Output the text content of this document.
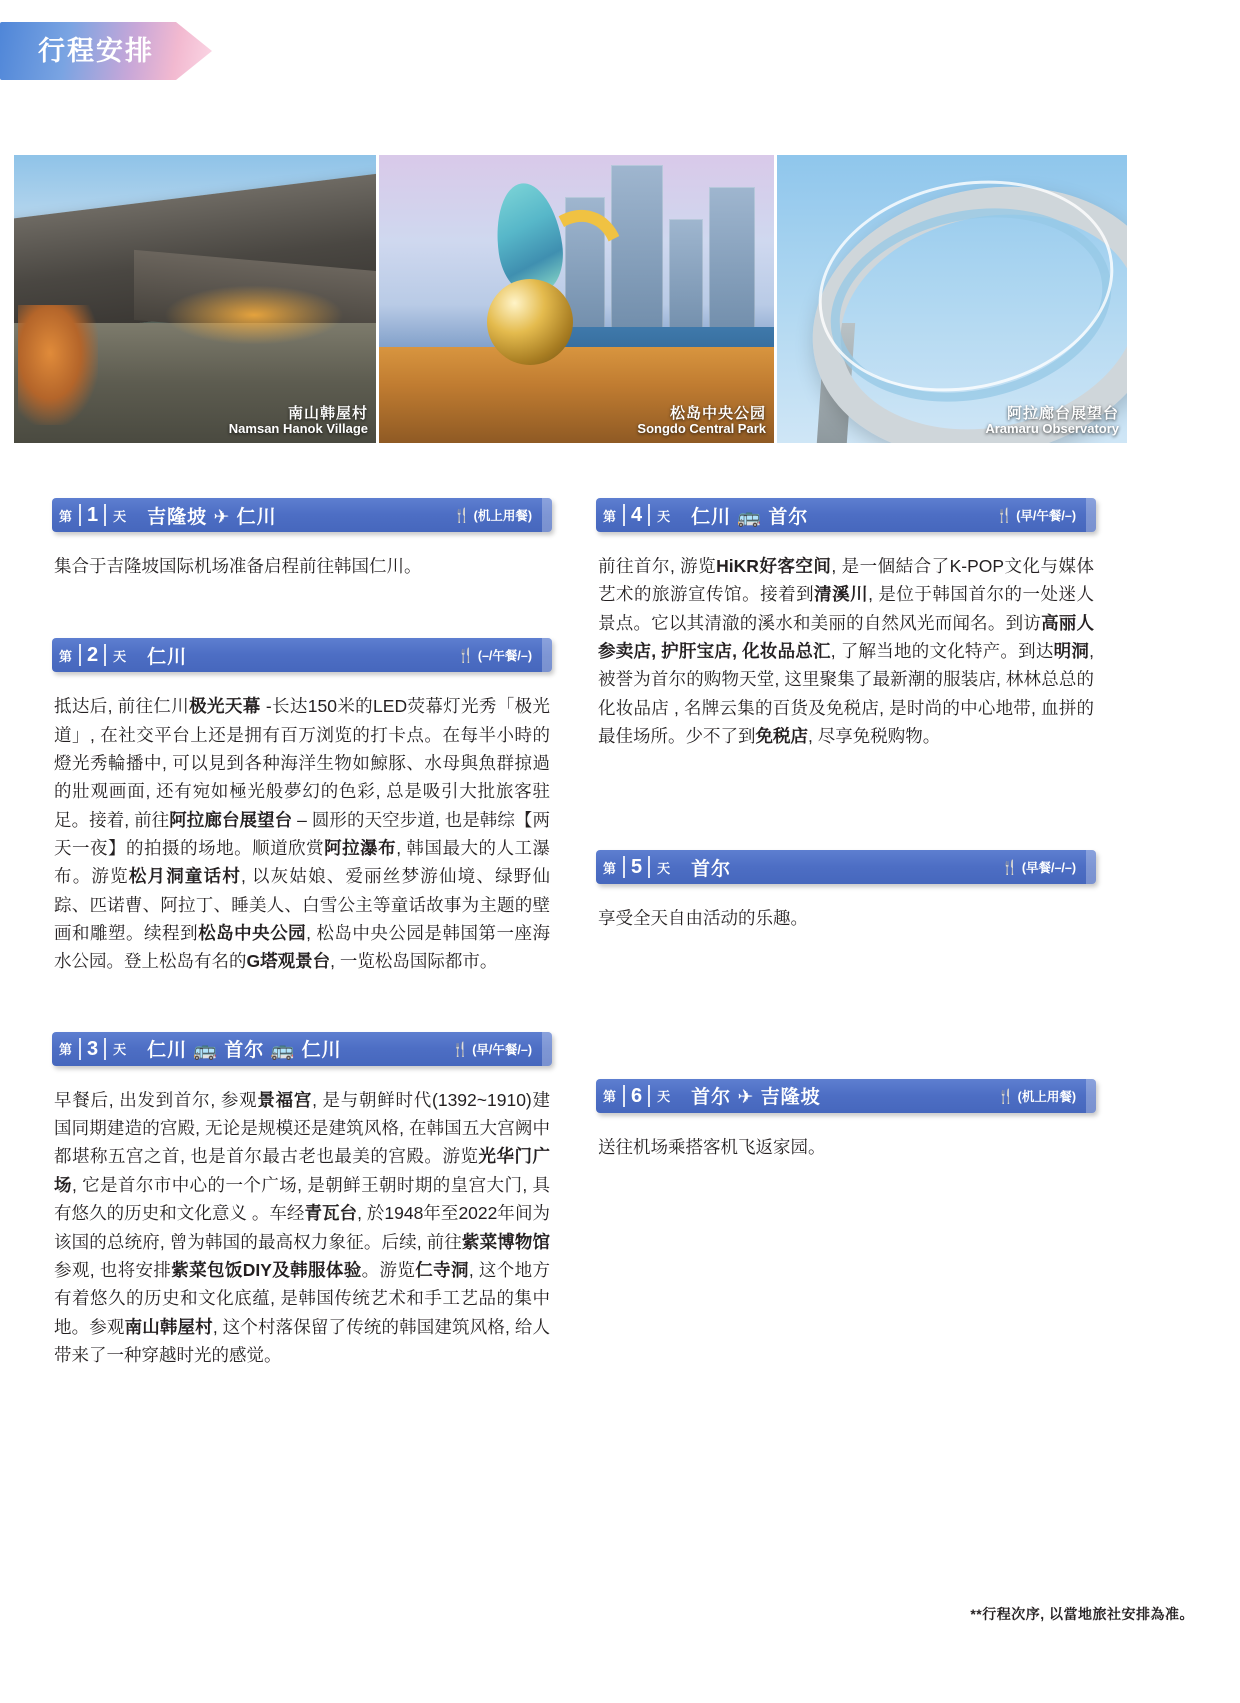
行程安排
南山韩屋村
Namsan Hanok Village
松岛中央公园
Songdo Central Park
阿拉廊台展望台
Aramaru Observatory
第 1	天	吉隆坡 ✈ 仁川	🍴 (机上用餐)
集合于吉隆坡国际机场准备启程前往韩国仁川。
第 2	天	仁川	🍴 (–/午餐/–)
抵达后, 前往仁川极光天幕 -长达150米的LED荧幕灯光秀「极光道」, 在社交平台上还是拥有百万浏览的打卡点。在每半小時的燈光秀輪播中, 可以見到各种海洋生物如鯨豚、水母與魚群掠過的壯观画面, 还有宛如極光般夢幻的色彩, 总是吸引大批旅客驻足。接着, 前往阿拉廊台展望台 – 圆形的天空步道, 也是韩综【两天一夜】的拍摄的场地。顺道欣赏阿拉瀑布, 韩国最大的人工瀑布。游览松月洞童话村, 以灰姑娘、爱丽丝梦游仙境、绿野仙踪、匹诺曹、阿拉丁、睡美人、白雪公主等童话故事为主题的壁画和雕塑。续程到松岛中央公园, 松岛中央公园是韩国第一座海水公园。登上松岛有名的G塔观景台, 一览松岛国际都市。
第 3	天	仁川 🚌 首尔 🚌 仁川	🍴 (早/午餐/–)
早餐后, 出发到首尔, 参观景福宫, 是与朝鲜时代(1392~1910)建国同期建造的宫殿, 无论是规模还是建筑风格, 在韩国五大宫阙中都堪称五宫之首, 也是首尔最古老也最美的宫殿。游览光华门广场, 它是首尔市中心的一个广场, 是朝鲜王朝时期的皇宫大门, 具有悠久的历史和文化意义 。车经青瓦台, 於1948年至2022年间为该国的总统府, 曾为韩国的最高权力象征。后续, 前往紫菜博物馆参观, 也将安排紫菜包饭DIY及韩服体验。游览仁寺洞, 这个地方有着悠久的历史和文化底蕴, 是韩国传统艺术和手工艺品的集中地。参观南山韩屋村, 这个村落保留了传统的韩国建筑风格, 给人带来了一种穿越时光的感觉。
第 4	天	仁川 🚌 首尔	🍴 (早/午餐/–)
前往首尔, 游览HiKR好客空间, 是一個結合了K-POP文化与媒体艺术的旅游宣传馆。接着到清溪川, 是位于韩国首尔的一处迷人景点。它以其清澈的溪水和美丽的自然风光而闻名。到访高丽人参卖店, 护肝宝店, 化妆品总汇, 了解当地的文化特产。到达明洞, 被誉为首尔的购物天堂, 这里聚集了最新潮的服装店, 林林总总的化妆品店 , 名牌云集的百货及免税店, 是时尚的中心地带, 血拼的最佳场所。少不了到免税店, 尽享免税购物。
第 5	天	首尔	🍴 (早餐/–/–)
享受全天自由活动的乐趣。
第 6	天	首尔 ✈ 吉隆坡	🍴 (机上用餐)
送往机场乘搭客机飞返家园。
**行程次序, 以當地旅社安排為准。
